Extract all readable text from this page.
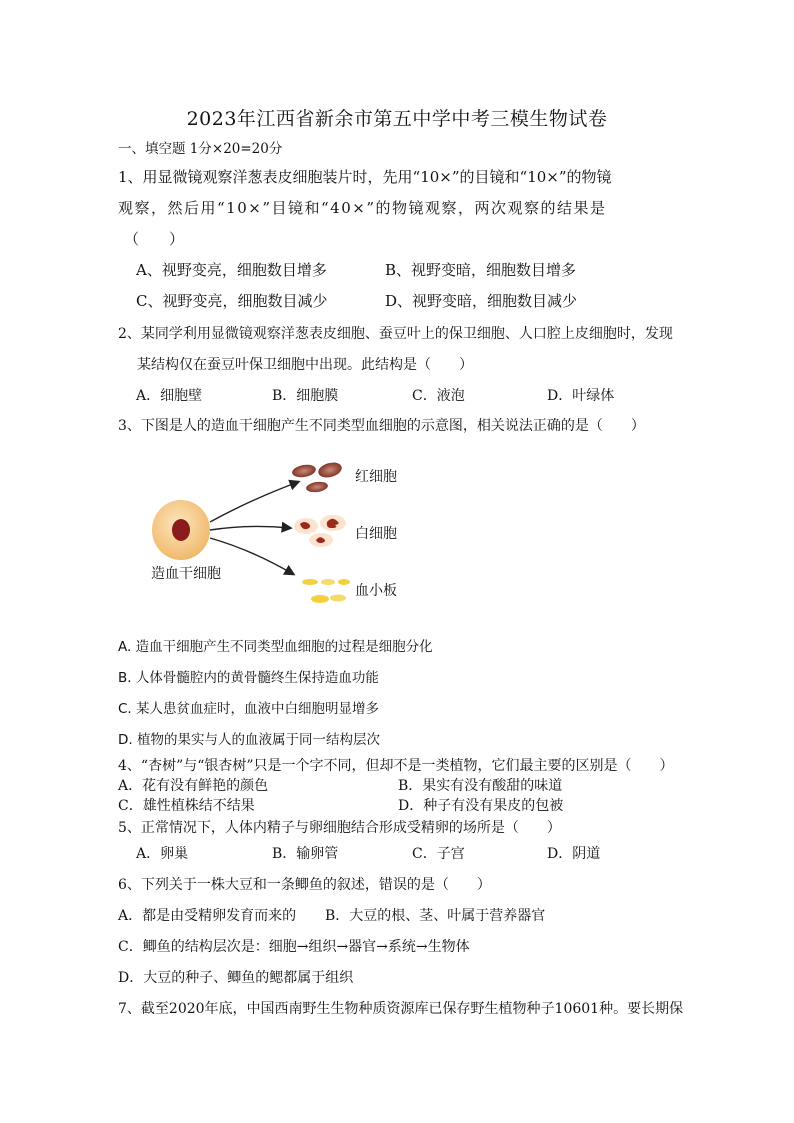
2023年江西省新余市第五中学中考三模生物试卷
一、填空题 1分×20=20分
1、用显微镜观察洋葱表皮细胞装片时，先用“10×”的目镜和“10×”的物镜
观察，然后用“10×”目镜和“40×”的物镜观察，两次观察的结果是
（　　）
A、视野变亮，细胞数目增多	B、视野变暗，细胞数目增多
C、视野变亮，细胞数目减少	D、视野变暗，细胞数目减少
2、某同学利用显微镜观察洋葱表皮细胞、蚕豆叶上的保卫细胞、人口腔上皮细胞时，发现
某结构仅在蚕豆叶保卫细胞中出现。此结构是（　　）
A．细胞壁	B．细胞膜	C．液泡	D．叶绿体
3、下图是人的造血干细胞产生不同类型血细胞的示意图，相关说法正确的是（　　）
红细胞
白细胞
血小板
造血干细胞
A. 造血干细胞产生不同类型血细胞的过程是细胞分化
B. 人体骨髓腔内的黄骨髓终生保持造血功能
C. 某人患贫血症时，血液中白细胞明显增多
D. 植物的果实与人的血液属于同一结构层次
4、“杏树”与“银杏树”只是一个字不同，但却不是一类植物，它们最主要的区别是（　　）
A．花有没有鲜艳的颜色	B．果实有没有酸甜的味道
C．雄性植株结不结果	D．种子有没有果皮的包被
5、正常情况下，人体内精子与卵细胞结合形成受精卵的场所是（　　）
A．卵巢	B．输卵管	C．子宫	D．阴道
6、下列关于一株大豆和一条鲫鱼的叙述，错误的是（　　）
A．都是由受精卵发育而来的 B．大豆的根、茎、叶属于营养器官
C．鲫鱼的结构层次是：细胞→组织→器官→系统→生物体
D．大豆的种子、鲫鱼的鳃都属于组织
7、截至2020年底，中国西南野生生物种质资源库已保存野生植物种子10601种。要长期保
